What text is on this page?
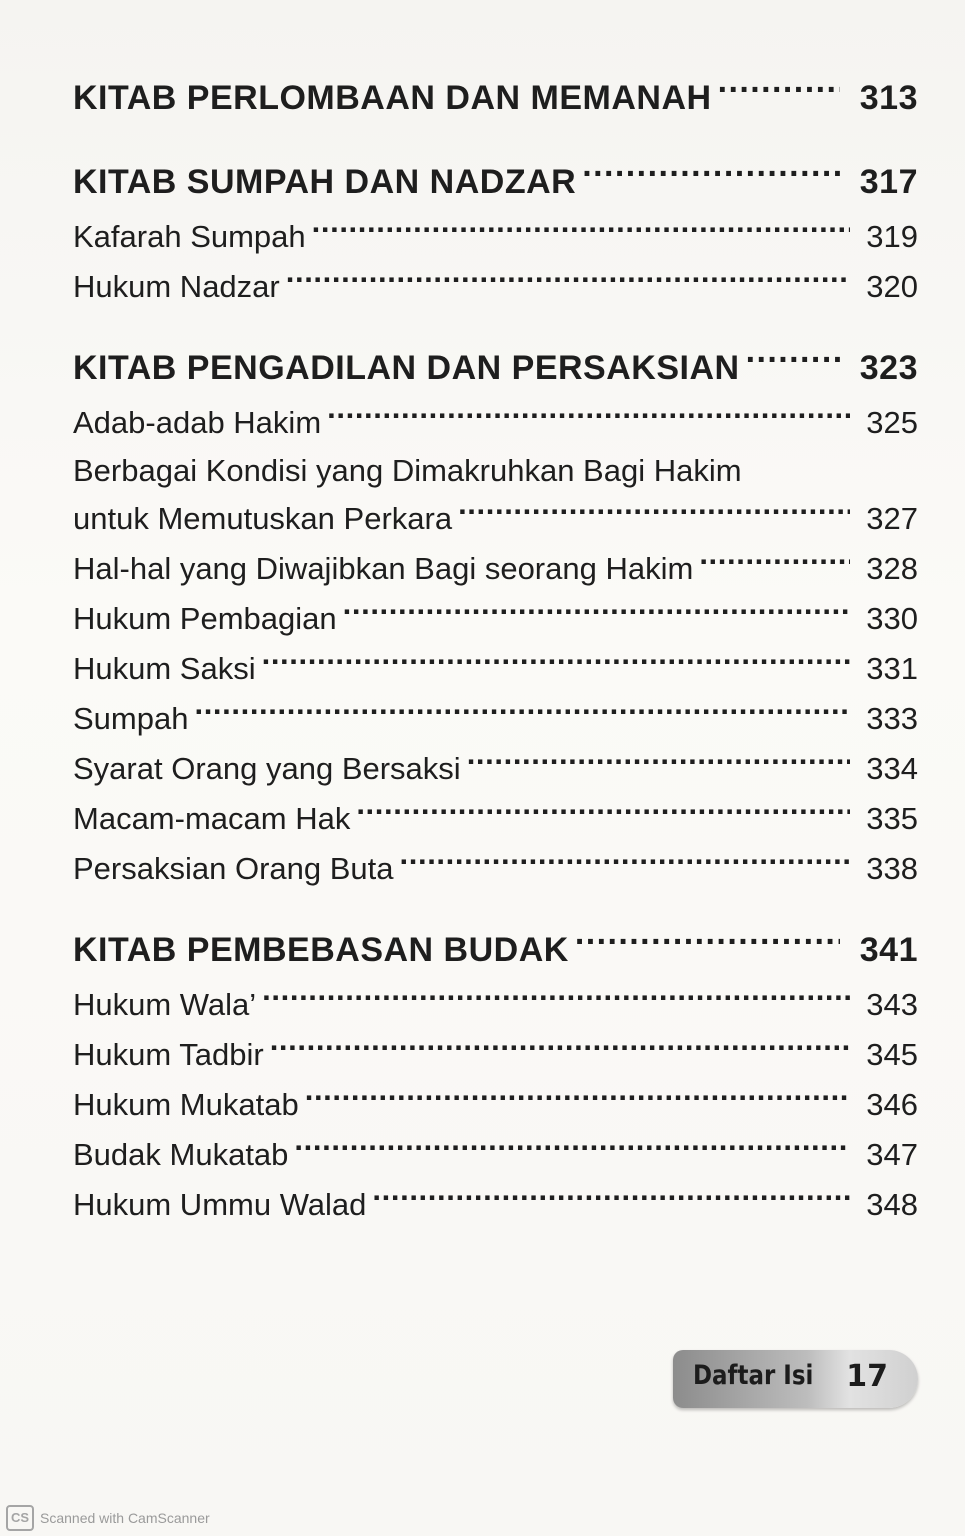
KITAB PERLOMBAAN DAN MEMANAH . . .	313
KITAB SUMPAH DAN NADZAR . . .	317
Kafarah Sumpah . . .	319
Hukum Nadzar . . .	320
KITAB PENGADILAN DAN PERSAKSIAN . . .	323
Adab-adab Hakim . . .	325
Berbagai Kondisi yang Dimakruhkan Bagi Hakim
untuk Memutuskan Perkara . . .	327
Hal-hal yang Diwajibkan Bagi seorang Hakim . . .	328
Hukum Pembagian . . .	330
Hukum Saksi . . .	331
Sumpah . . .	333
Syarat Orang yang Bersaksi . . .	334
Macam-macam Hak . . .	335
Persaksian Orang Buta . . .	338
KITAB PEMBEBASAN BUDAK . . .	341
Hukum Wala’ . . .	343
Hukum Tadbir . . .	345
Hukum Mukatab . . .	346
Budak Mukatab . . .	347
Hukum Ummu Walad . . .	348
Daftar Isi 17
CS Scanned with CamScanner
